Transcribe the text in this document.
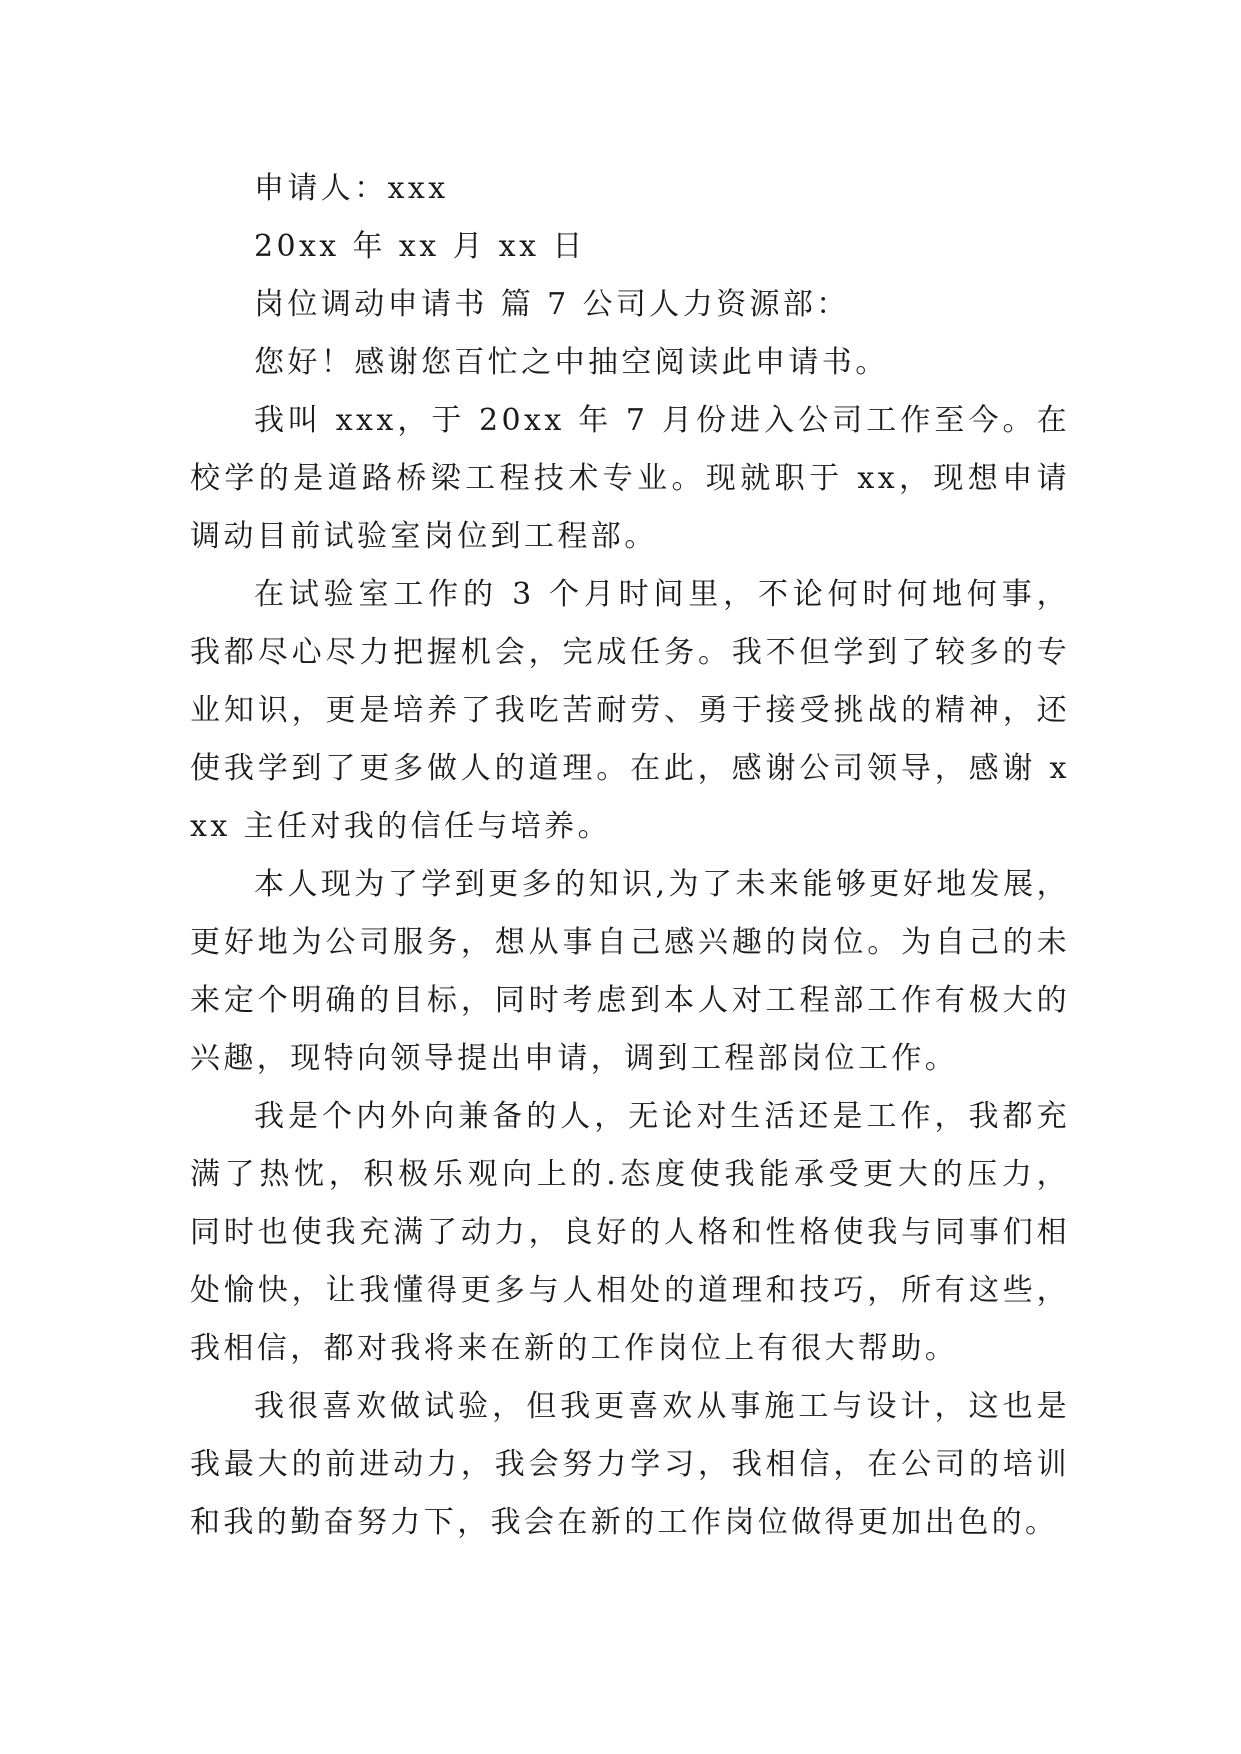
申请人：xxx

20xx 年 xx 月 xx 日

岗位调动申请书 篇 7 公司人力资源部：

您好！感谢您百忙之中抽空阅读此申请书。

我叫 xxx，于 20xx 年 7 月份进入公司工作至今。在校学的是道路桥梁工程技术专业。现就职于 xx，现想申请调动目前试验室岗位到工程部。

在试验室工作的 3 个月时间里，不论何时何地何事，我都尽心尽力把握机会，完成任务。我不但学到了较多的专业知识，更是培养了我吃苦耐劳、勇于接受挑战的精神，还使我学到了更多做人的道理。在此，感谢公司领导，感谢 xxx 主任对我的信任与培养。

本人现为了学到更多的知识,为了未来能够更好地发展，更好地为公司服务，想从事自己感兴趣的岗位。为自己的未来定个明确的目标，同时考虑到本人对工程部工作有极大的兴趣，现特向领导提出申请，调到工程部岗位工作。

我是个内外向兼备的人，无论对生活还是工作，我都充满了热忱，积极乐观向上的.态度使我能承受更大的压力，同时也使我充满了动力，良好的人格和性格使我与同事们相处愉快，让我懂得更多与人相处的道理和技巧，所有这些，我相信，都对我将来在新的工作岗位上有很大帮助。

我很喜欢做试验，但我更喜欢从事施工与设计，这也是我最大的前进动力，我会努力学习，我相信，在公司的培训和我的勤奋努力下，我会在新的工作岗位做得更加出色的。
